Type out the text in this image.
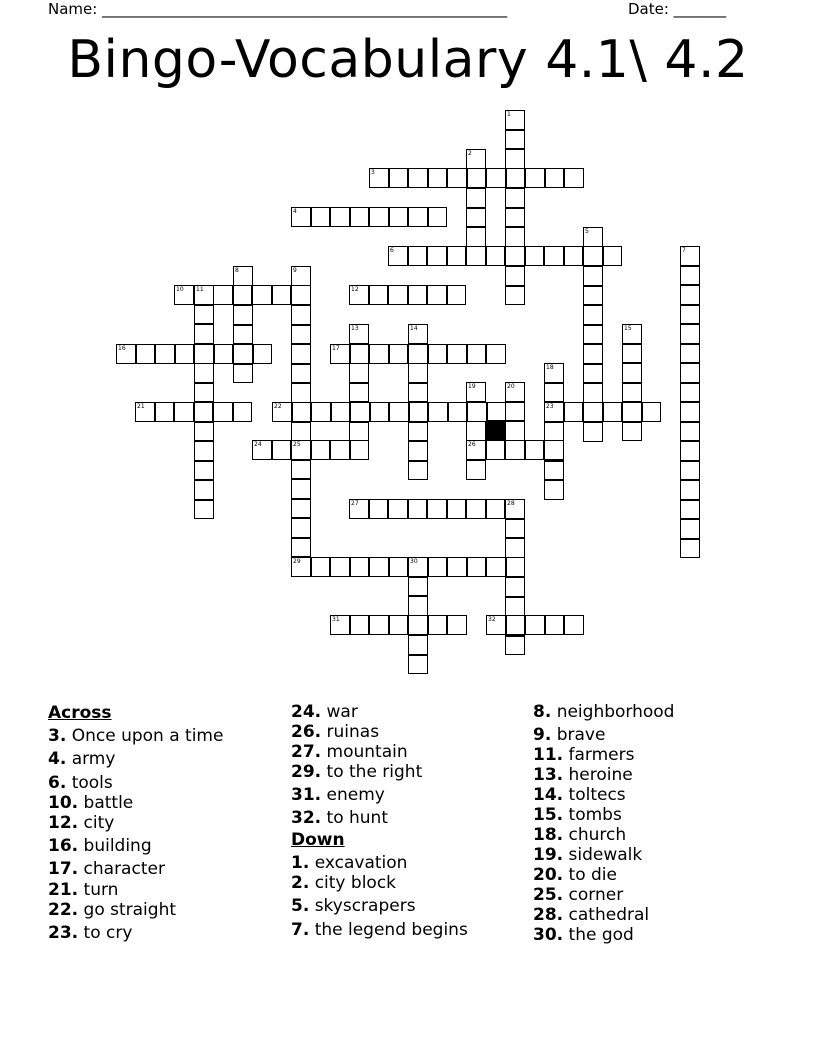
Name: ______________________________________________________	Date: _______
Bingo-Vocabulary 4.1\ 4.2
1
2
3
4
5
6	7
8	9
10 11	12
13	14	15
16	17
18
23
19	20
21	22
24	25
29
26
27	28
30
31	32
Across
3. Once upon a time
4. army
6. tools
10. battle
12. city
16. building
17. character
21. turn
22. go straight
23. to cry
24. war
26. ruinas
27. mountain
29. to the right
31. enemy
32. to hunt
Down
1. excavation
2. city block
5. skyscrapers
7. the legend begins
8. neighborhood
9. brave
11. farmers
13. heroine
14. toltecs
15. tombs
18. church
19. sidewalk
20. to die
25. corner
28. cathedral
30. the god
